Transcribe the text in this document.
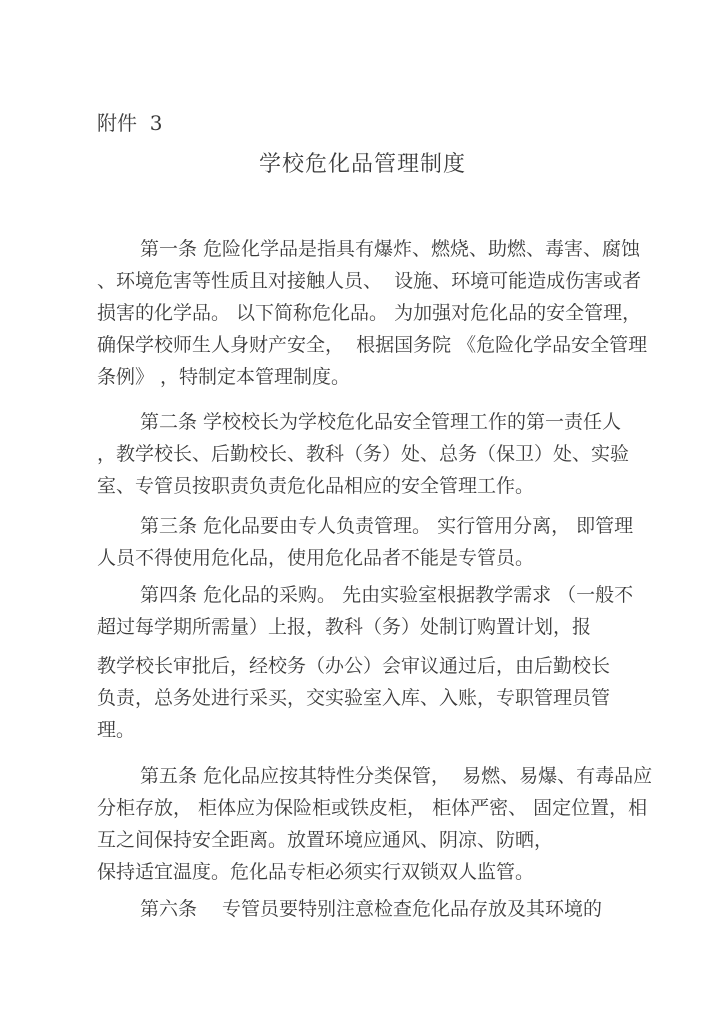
附件  3
学校危化品管理制度
第一条 危险化学品是指具有爆炸、燃烧、助燃、毒害、腐蚀
、环境危害等性质且对接触人员、  设施、环境可能造成伤害或者
损害的化学品。 以下简称危化品。 为加强对危化品的安全管理，
确保学校师生人身财产安全，  根据国务院 《危险化学品安全管理
条例》 ，特制定本管理制度。
第二条 学校校长为学校危化品安全管理工作的第一责任人
，教学校长、后勤校长、教科（务）处、总务（保卫）处、实验
室、专管员按职责负责危化品相应的安全管理工作。
第三条 危化品要由专人负责管理。 实行管用分离， 即管理
人员不得使用危化品，使用危化品者不能是专管员。
第四条 危化品的采购。 先由实验室根据教学需求 （一般不
超过每学期所需量）上报，教科（务）处制订购置计划，报
教学校长审批后，经校务（办公）会审议通过后，由后勤校长
负责，总务处进行采买，交实验室入库、入账，专职管理员管
理。
第五条 危化品应按其特性分类保管，  易燃、易爆、有毒品应
分柜存放， 柜体应为保险柜或铁皮柜， 柜体严密、 固定位置，相
互之间保持安全距离。放置环境应通风、阴凉、防晒，
保持适宜温度。危化品专柜必须实行双锁双人监管。
第六条　 专管员要特别注意检查危化品存放及其环境的
